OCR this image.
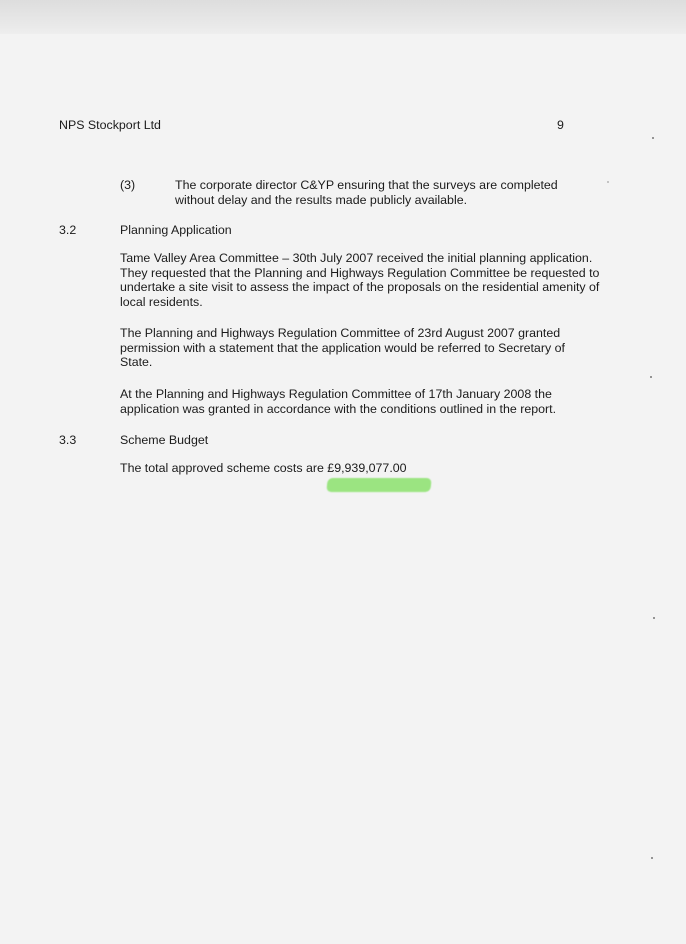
NPS Stockport Ltd	9
(3)	The corporate director C&YP ensuring that the surveys are completed without delay and the results made publicly available.
3.2	Planning Application
Tame Valley Area Committee – 30th July 2007 received the initial planning application. They requested that the Planning and Highways Regulation Committee be requested to undertake a site visit to assess the impact of the proposals on the residential amenity of local residents.
The Planning and Highways Regulation Committee of 23rd August 2007 granted permission with a statement that the application would be referred to Secretary of State.
At the Planning and Highways Regulation Committee of 17th January 2008 the application was granted in accordance with the conditions outlined in the report.
3.3	Scheme Budget
The total approved scheme costs are £9,939,077.00
